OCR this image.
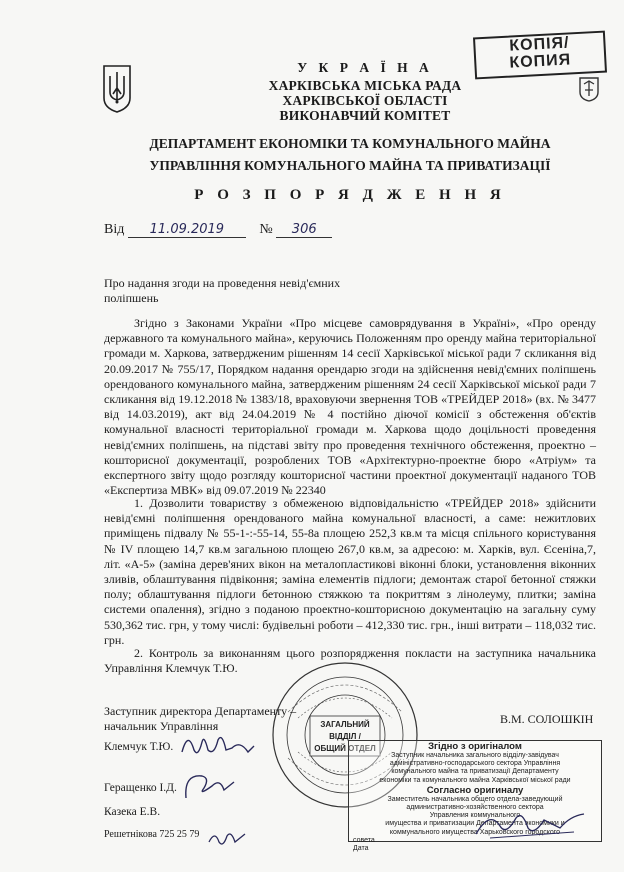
КОПІЯ/
КОПИЯ
У К Р А Ї Н А
ХАРКІВСЬКА МІСЬКА РАДА
ХАРКІВСЬКОЇ ОБЛАСТІ
ВИКОНАВЧИЙ КОМІТЕТ
ДЕПАРТАМЕНТ ЕКОНОМІКИ ТА КОМУНАЛЬНОГО МАЙНА
УПРАВЛІННЯ КОМУНАЛЬНОГО МАЙНА ТА ПРИВАТИЗАЦІЇ
Р О З П О Р Я Д Ж Е Н Н Я
Від 11.09.2019	№ 306
Про надання згоди на проведення невід'ємних поліпшень

Згідно з Законами України «Про місцеве самоврядування в Україні», «Про оренду державного та комунального майна», керуючись Положенням про оренду майна територіальної громади м. Харкова, затвердженим рішенням 14 сесії Харківської міської ради 7 скликання від 20.09.2017 № 755/17, Порядком надання орендарю згоди на здійснення невід'ємних поліпшень орендованого комунального майна, затвердженим рішенням 24 сесії Харківської міської ради 7 скликання від 19.12.2018 № 1383/18, враховуючи звернення ТОВ «ТРЕЙДЕР 2018» (вх. № 3477 від 14.03.2019), акт від 24.04.2019 № 4 постійно діючої комісії з обстеження об'єктів комунальної власності територіальної громади м. Харкова щодо доцільності проведення невід'ємних поліпшень, на підставі звіту про проведення технічного обстеження, проектно – кошторисної документації, розроблених ТОВ «Архітектурно-проектне бюро «Атріум» та експертного звіту щодо розгляду кошторисної частини проектної документації наданого ТОВ «Експертиза МВК» від 09.07.2019 № 22340

1. Дозволити товариству з обмеженою відповідальністю «ТРЕЙДЕР 2018» здійснити невід'ємні поліпшення орендованого майна комунальної власності, а саме: нежитлових приміщень підвалу № 55-1-:-55-14, 55-8а площею 252,3 кв.м та місця спільного користування № ІV площею 14,7 кв.м загальною площею 267,0 кв.м, за адресою: м. Харків, вул. Єсеніна,7, літ. «А-5» (заміна дерев'яних вікон на металопластикові віконні блоки, установлення віконних зливів, облаштування підвіконня; заміна елементів підлоги; демонтаж старої бетонної стяжки полу; облаштування підлоги бетонною стяжкою та покриттям з лінолеуму, плитки; заміна системи опалення), згідно з поданою проектно-кошторисною документацію на загальну суму 530,362 тис. грн, у тому числі: будівельні роботи – 412,330 тис. грн., інші витрати – 118,032 тис. грн.

2. Контроль за виконанням цього розпорядження покласти на заступника начальника Управління Клемчук Т.Ю.

ЗАГАЛЬНИЙ
ВІДДІЛ /
ОБЩИЙ ОТДЕЛ
Заступник директора Департаменту –
начальник Управління	В.М. СОЛОШКІН
Клемчук Т.Ю.
Геращенко І.Д.
Казека Е.В.
Решетнікова 725 25 79
Згідно з оригіналом
Заступник начальника загального відділу-завідувач
адміністративно-господарського сектора Управління
комунального майна та приватизації Департаменту
економіки та комунального майна Харківської міської ради
Согласно оригиналу
Заместитель начальника общего отдела-заведующий
административно-хозяйственного сектора
Управления коммунального
имущества и приватизации Департамента экономики и
коммунального имущества Харьковского городского
совета
Дата
